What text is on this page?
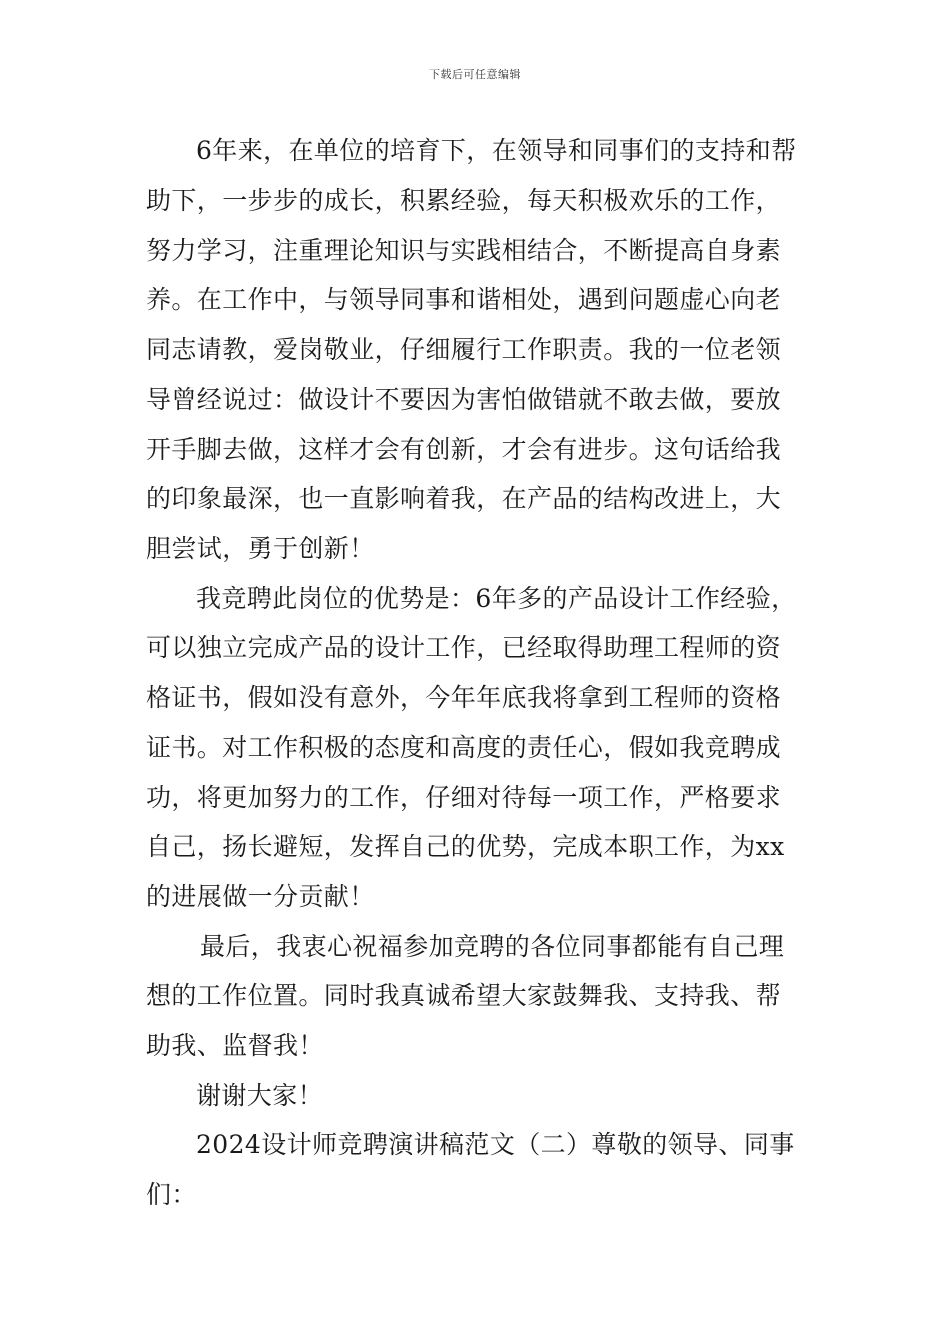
下载后可任意编辑
6年来，在单位的培育下，在领导和同事们的支持和帮
助下，一步步的成长，积累经验，每天积极欢乐的工作，
努力学习，注重理论知识与实践相结合，不断提高自身素
养。在工作中，与领导同事和谐相处，遇到问题虚心向老
同志请教，爱岗敬业，仔细履行工作职责。我的一位老领
导曾经说过：做设计不要因为害怕做错就不敢去做，要放
开手脚去做，这样才会有创新，才会有进步。这句话给我
的印象最深，也一直影响着我，在产品的结构改进上，大
胆尝试，勇于创新！
我竞聘此岗位的优势是：6年多的产品设计工作经验，
可以独立完成产品的设计工作，已经取得助理工程师的资
格证书，假如没有意外，今年年底我将拿到工程师的资格
证书。对工作积极的态度和高度的责任心，假如我竞聘成
功，将更加努力的工作，仔细对待每一项工作，严格要求
自己，扬长避短，发挥自己的优势，完成本职工作，为xx
的进展做一分贡献！
最后，我衷心祝福参加竞聘的各位同事都能有自己理
想的工作位置。同时我真诚希望大家鼓舞我、支持我、帮
助我、监督我！
谢谢大家！
2024设计师竞聘演讲稿范文（二）尊敬的领导、同事
们：
